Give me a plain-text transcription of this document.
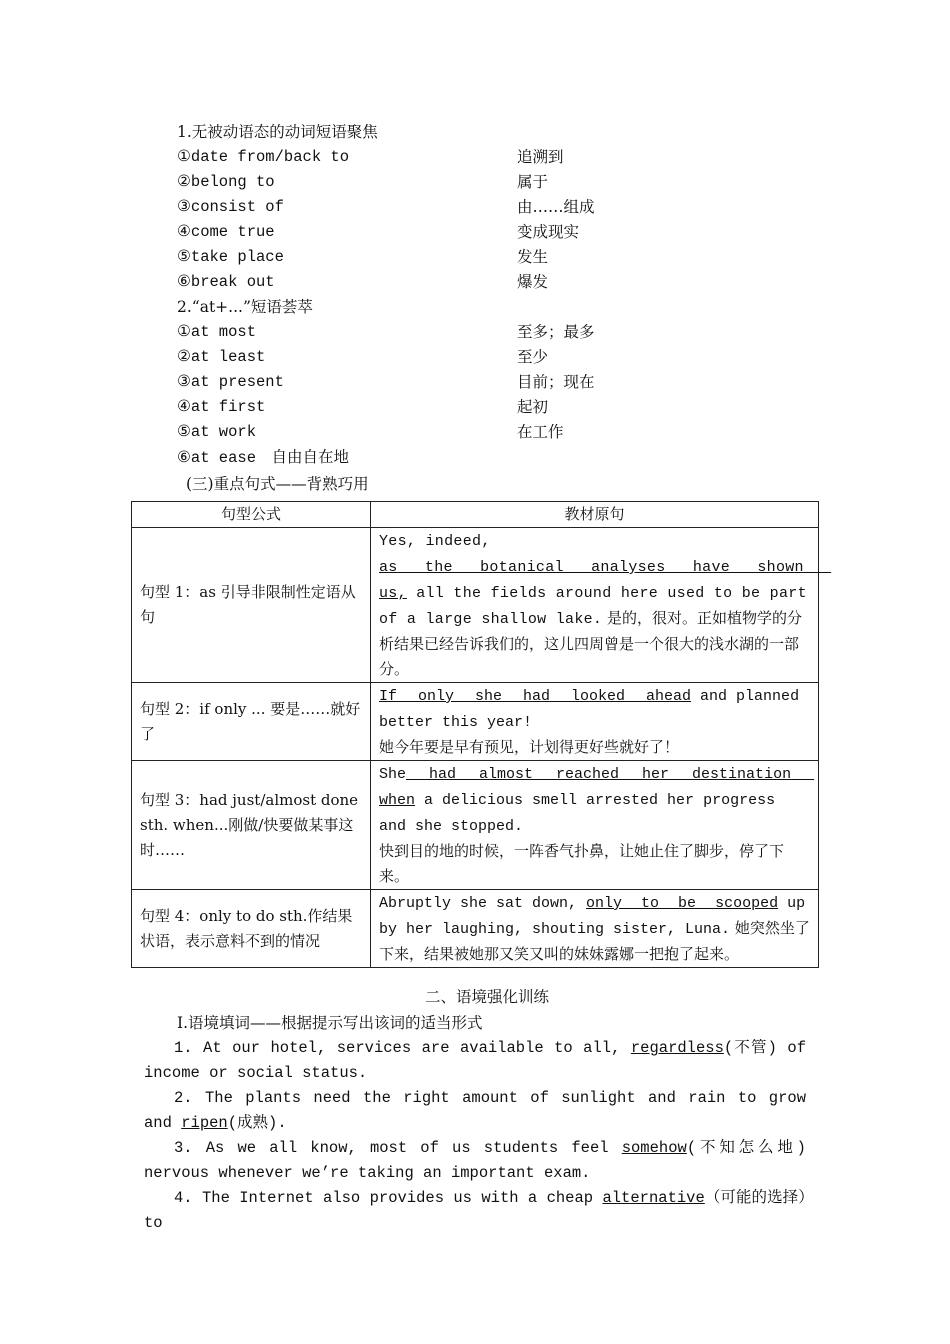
1.无被动语态的动词短语聚焦
①date from/back to	追溯到
②belong to	属于
③consist of	由……组成
④come true	变成现实
⑤take place	发生
⑥break out	爆发
2.“at+...”短语荟萃
①at most	至多；最多
②at least	至少
③at present	目前；现在
④at first	起初
⑤at work	在工作
⑥at ease　自由自在地
(三)重点句式——背熟巧用
句型公式	教材原句
句型 1：as 引导非限制性定语从句	Yes, indeed,
as the botanical analyses have shown us, all the fields around here used to be part of a large shallow lake. 是的，很对。正如植物学的分析结果已经告诉我们的，这儿四周曾是一个很大的浅水湖的一部分。
句型 2：if only ... 要是……就好了	If only she had looked ahead and planned better this year!
她今年要是早有预见，计划得更好些就好了！
句型 3：had just/almost done sth. when...刚做/快要做某事这时……	She had almost reached her destination when a delicious smell arrested her progress and she stopped.
快到目的地的时候，一阵香气扑鼻，让她止住了脚步，停了下来。
句型 4：only to do sth.作结果状语，表示意料不到的情况	Abruptly she sat down, only to be scooped up by her laughing, shouting sister, Luna. 她突然坐了下来，结果被她那又笑又叫的妹妹露娜一把抱了起来。
二、语境强化训练
Ⅰ.语境填词——根据提示写出该词的适当形式
1. At our hotel, services are available to all, regardless(不管) of income or social status.
2. The plants need the right amount of sunlight and rain to grow and ripen(成熟).
3. As we all know, most of us students feel somehow(不知怎么地) nervous whenever we’re taking an important exam.
4. The Internet also provides us with a cheap alternative（可能的选择）to
